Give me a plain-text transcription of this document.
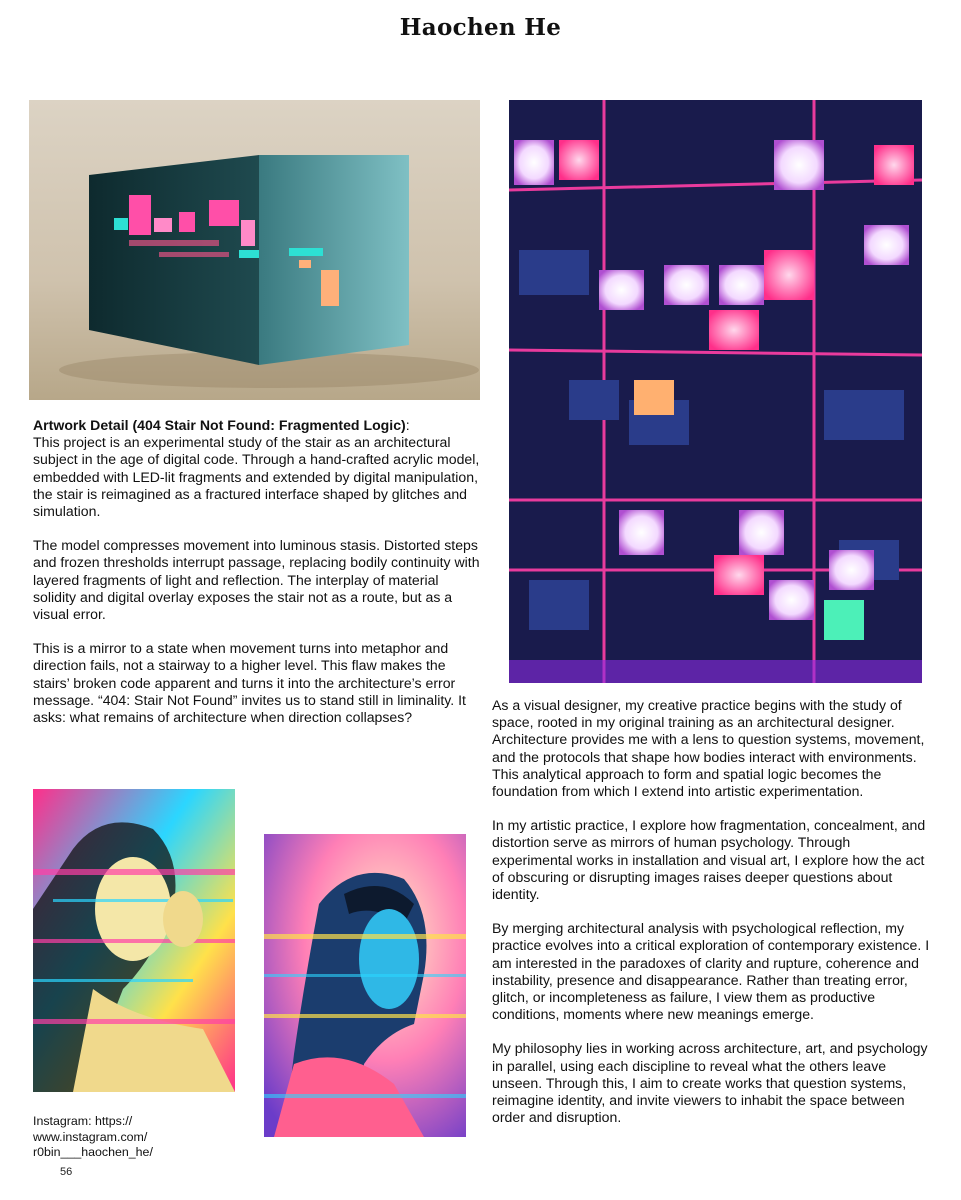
Haochen He

Artwork Detail (404 Stair Not Found: Fragmented Logic):
This project is an experimental study of the stair as an architectural subject in the age of digital code. Through a hand-crafted acrylic model, embedded with LED-lit fragments and extended by digital manipulation, the stair is reimagined as a fractured interface shaped by glitches and simulation.

The model compresses movement into luminous stasis. Distorted steps and frozen thresholds interrupt passage, replacing bodily continuity with layered fragments of light and reflection. The interplay of material solidity and digital overlay exposes the stair not as a route, but as a visual error.

This is a mirror to a state when movement turns into metaphor and direction fails, not a stairway to a higher level. This flaw makes the stairs’ broken code apparent and turns it into the architecture’s error message. “404: Stair Not Found” invites us to stand still in liminality. It asks: what remains of architecture when direction collapses?

As a visual designer, my creative practice begins with the study of space, rooted in my original training as an architectural designer. Architecture provides me with a lens to question systems, movement, and the protocols that shape how bodies interact with environments. This analytical approach to form and spatial logic becomes the foundation from which I extend into artistic experimentation.

In my artistic practice, I explore how fragmentation, concealment, and distortion serve as mirrors of human psychology. Through experimental works in installation and visual art, I explore how the act of obscuring or disrupting images raises deeper questions about identity.

By merging architectural analysis with psychological reflection, my practice evolves into a critical exploration of contemporary existence. I am interested in the paradoxes of clarity and rupture, coherence and instability, presence and disappearance. Rather than treating error, glitch, or incompleteness as failure, I view them as productive conditions, moments where new meanings emerge.

My philosophy lies in working across architecture, art, and psychology in parallel, using each discipline to reveal what the others leave unseen. Through this, I aim to create works that question systems, reimagine identity, and invite viewers to inhabit the space between order and disruption.

Instagram: https:// www.instagram.com/ r0bin___haochen_he/
56
